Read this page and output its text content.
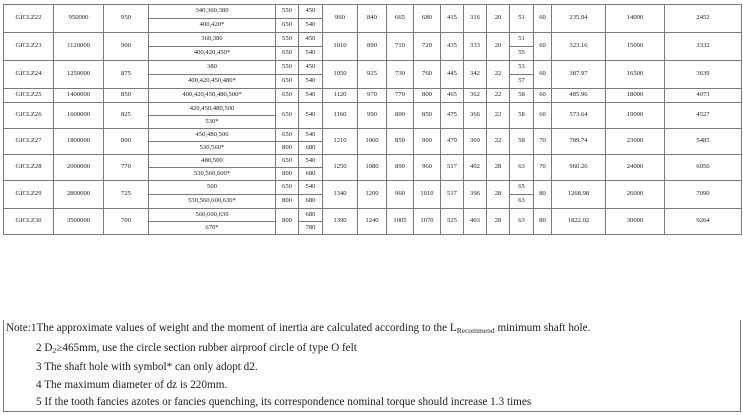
GICLZ22	950000	950	340,360,380	550	450	960	840	665	680	415	316	20	51	60	235.04	14000	2452
			400,420*	650	540												
GICLZ23	1120000	900	360,380	550	450	1010	890	710	720	435	333	20	51	60	323.16	15000	3332
			400,420,450*	650	540								55				
GICLZ24	1250000	875	380	550	450	1050	925	730	760	445	342	22	53	60	387.97	16500	3639
			400,420,450,480*	650	540								57				
GICLZ25	1400000	850	400,420,450,480,500*	650	540	1120	970	770	800	465	362	22	58	60	485.96	18000	4073
GICLZ26	1600000	825	420,450,480,500	650	540	1160	990	800	850	475	366	22	58	60	573.64	19000	4527
			530*														
GICLZ27	1800000	800	450,480,500	650	540	1210	1060	850	900	479	369	22	58	70	789.74	23000	5485
			530,560*	800	680												
GICLZ28	2000000	770	480,500	650	540	1250	1080	890	960	517	402	28	63	70	960.26	24000	6050
			530,560,600*	800	680												
GICLZ29	2800000	725	500	650	540	1340	1200	960	1010	517	396	28	65	80	1268.98	26000	7090
			530,560,600,630*	800	680								63				
GICLZ30	3500000	700	560,600,630	800	680	1390	1240	1005	1070	525	403	28	63	80	1822.02	30000	9264
			670*		780												
Note:1The approximate values of weight and the moment of inertia are calculated according to the LRecommend minimum shaft hole.
2 D2≥465mm, use the circle section rubber airproof circle of type O felt
3 The shaft hole with symbol* can only adopt d2.
4 The maximum diameter of dz is 220mm.
5 If the tooth fancies azotes or fancies quenching, its correspondence nominal torque should increase 1.3 times
